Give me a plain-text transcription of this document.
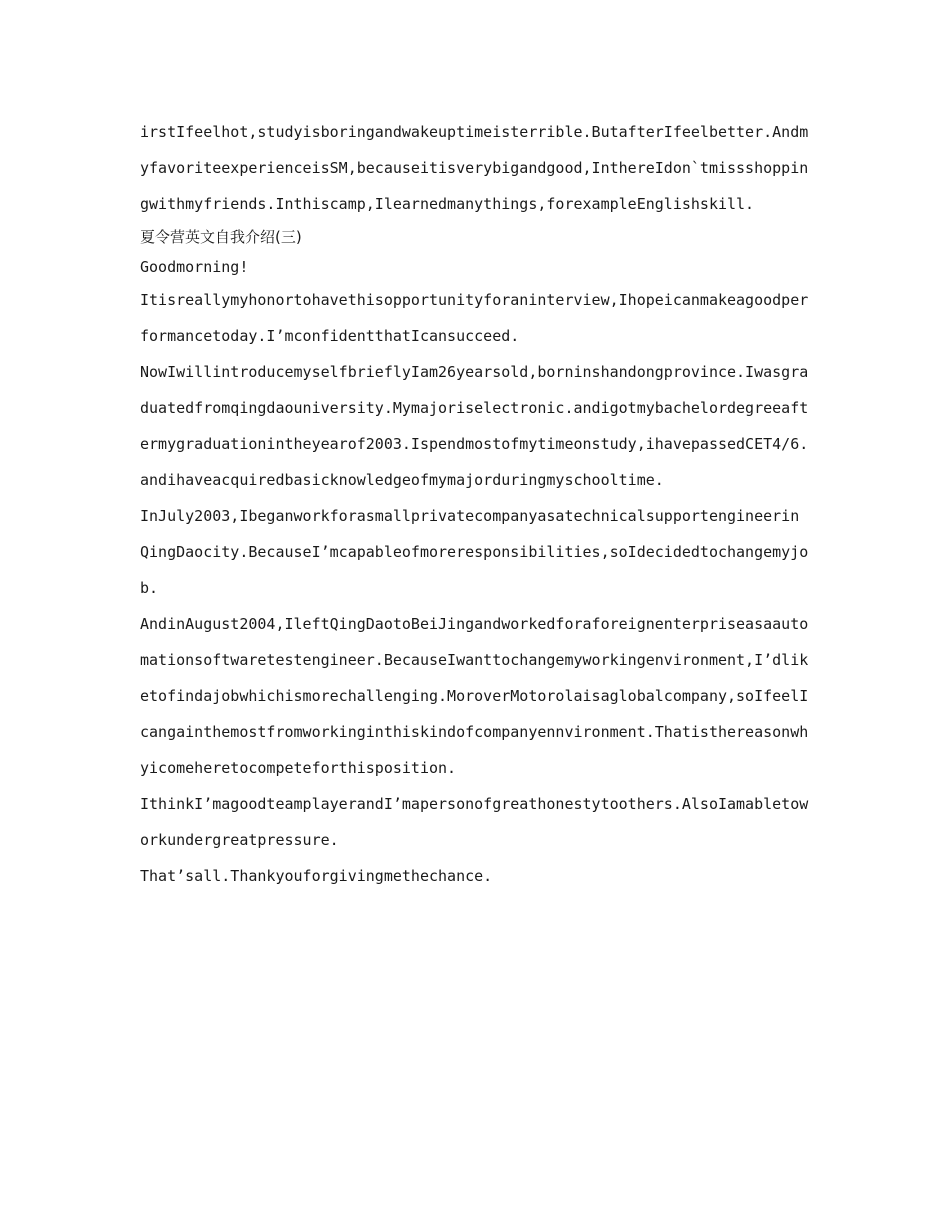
irstIfeelhot,studyisboringandwakeuptimeisterrible.ButafterIfeelbetter.AndmyfavoriteexperienceisSM,becauseitisverybigandgood,InthereIdon`tmissshoppingwithmyfriends.Inthiscamp,Ilearnedmanythings,forexampleEnglishskill.

夏令营英文自我介绍(三)

Goodmorning!

Itisreallymyhonortohavethisopportunityforaninterview,Ihopeicanmakeagoodperformancetoday.I’mconfidentthatIcansucceed.

NowIwillintroducemyselfbrieflyIam26yearsold,borninshandongprovince.Iwasgraduatedfromqingdaouniversity.Mymajoriselectronic.andigotmybachelordegreeaftermygraduationintheyearof2003.Ispendmostofmytimeonstudy,ihavepassedCET4/6.andihaveacquiredbasicknowledgeofmymajorduringmyschooltime.

InJuly2003,Ibeganworkforasmallprivatecompanyasatechnicalsupportengineerin QingDaocity.BecauseI’mcapableofmoreresponsibilities,soIdecidedtochangemyjob.

AndinAugust2004,IleftQingDaotoBeiJingandworkedforaforeignenterpriseasaautomationsoftwaretestengineer.BecauseIwanttochangemyworkingenvironment,I’dliketofindajobwhichismorechallenging.MoroverMotorolaisaglobalcompany,soIfeelIcangainthemostfromworkinginthiskindofcompanyennvironment.Thatisthereasonwhyicomeheretocompeteforthisposition.

IthinkI’magoodteamplayerandI’mapersonofgreathonestytoothers.AlsoIamabletoworkundergreatpressure.

That’sall.Thankyouforgivingmethechance.
